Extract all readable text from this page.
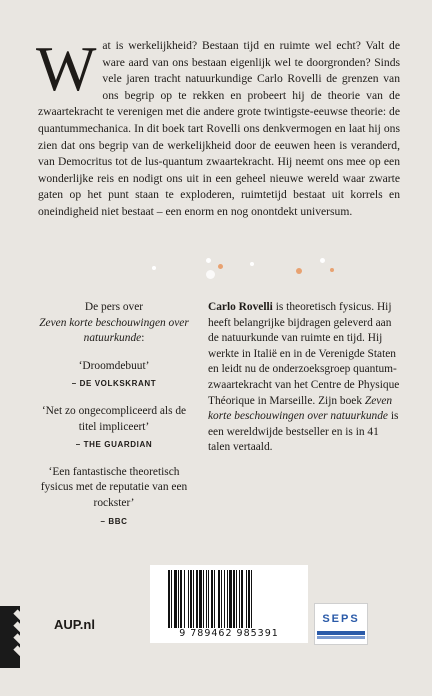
Wat is werkelijkheid? Bestaan tijd en ruimte wel echt? Valt de ware aard van ons bestaan eigenlijk wel te doorgronden? Sinds vele jaren tracht natuurkundige Carlo Rovelli de grenzen van ons begrip op te rekken en probeert hij de theorie van de zwaartekracht te verenigen met die andere grote twintigste-eeuwse theorie: de quantummechanica. In dit boek tart Rovelli ons denkvermogen en laat hij ons zien dat ons begrip van de werkelijkheid door de eeuwen heen is veranderd, van Democritus tot de lus-quantum zwaartekracht. Hij neemt ons mee op een wonderlijke reis en nodigt ons uit in een geheel nieuwe wereld waar zwarte gaten op het punt staan te exploderen, ruimtetijd bestaat uit korrels en oneindigheid niet bestaat – een enorm en nog onontdekt universum.

De pers over
Zeven korte beschouwingen over natuurkunde:
‘Droomdebuut’
– DE VOLKSKRANT
‘Net zo ongecompliceerd als de titel impliceert’
– THE GUARDIAN
‘Een fantastische theoretisch fysicus met de reputatie van een rockster’
– BBC
Carlo Rovelli is theoretisch fysicus. Hij heeft belangrijke bijdragen geleverd aan de natuurkunde van ruimte en tijd. Hij werkte in Italië en in de Verenigde Staten en leidt nu de onderzoeksgroep quantumzwaartekracht van het Centre de Physique Théorique in Marseille. Zijn boek Zeven korte beschouwingen over natuurkunde is een wereldwijde bestseller en is in 41 talen vertaald.
AUP.nl
9 789462 985391
SEPS
